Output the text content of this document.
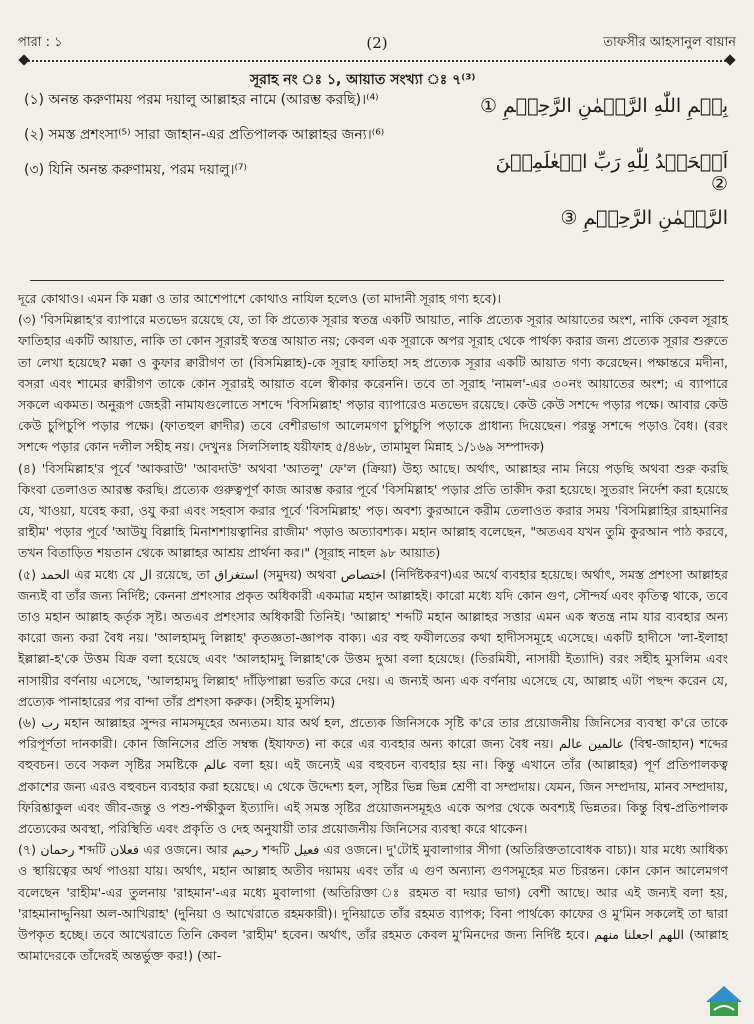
পারা : ১	(2)	তাফসীর আহসানুল বায়ান
সূরাহ নং ঃ ১, আয়াত সংখ্যা ঃ ৭⁽³⁾
(১) অনন্ত করুণাময় পরম দয়ালু আল্লাহর নামে (আরম্ভ করছি)।⁽⁴⁾
(২) সমস্ত প্রশংসা⁽⁵⁾ সারা জাহান-এর প্রতিপালক আল্লাহর জন্য।⁽⁶⁾
(৩) যিনি অনন্ত করুণাময়, পরম দয়ালু।⁽⁷⁾
بِسۡمِ اللّٰهِ الرَّحۡمٰنِ الرَّحِیۡمِ ①
اَلۡحَمۡدُ لِلّٰهِ رَبِّ الۡعٰلَمِیۡنَ ②
الرَّحۡمٰنِ الرَّحِیۡمِ ③

দূরে কোথাও। এমন কি মক্কা ও তার আশেপাশে কোথাও নাযিল হলেও (তা মাদানী সূরাহ গণ্য হবে)।

(৩) 'বিসমিল্লাহ'র ব্যাপারে মতভেদ রয়েছে যে, তা কি প্রত্যেক সূরার স্বতন্ত্র একটি আয়াত, নাকি প্রত্যেক সূরার আয়াতের অংশ, নাকি কেবল সূরাহ ফাতিহার একটি আয়াত, নাকি তা কোন সূরারই স্বতন্ত্র আয়াত নয়; কেবল এক সূরাকে অপর সূরাহ থেকে পার্থক্য করার জন্য প্রত্যেক সূরার শুরুতে তা লেখা হয়েছে? মক্কা ও কুফার ক্বারীগণ তা (বিসমিল্লাহ)-কে সূরাহ ফাতিহা সহ প্রত্যেক সূরার একটি আয়াত গণ্য করেছেন। পক্ষান্তরে মদীনা, বসরা এবং শামের ক্বারীগণ তাকে কোন সূরারই আয়াত বলে স্বীকার করেননি। তবে তা সূরাহ 'নামল'-এর ৩০নং আয়াতের অংশ; এ ব্যাপারে সকলে একমত। অনুরূপ জেহরী নামাযগুলোতে সশব্দে 'বিসমিল্লাহ' পড়ার ব্যাপারেও মতভেদ রয়েছে। কেউ কেউ সশব্দে পড়ার পক্ষে। আবার কেউ কেউ চুপিচুপি পড়ার পক্ষে। (ফাতহুল ক্বাদীর) তবে বেশীরভাগ আলেমগণ চুপিচুপি পড়াকে প্রাধান্য দিয়েছেন। পরন্তু সশব্দে পড়াও বৈধ। (বরং সশব্দে পড়ার কোন দলীল সহীহ নয়। দেখুনঃ সিলসিলাহ যয়ীফাহ ৫/৪৬৮, তামামুল মিন্নাহ ১/১৬৯ সম্পাদক)

(৪) 'বিসমিল্লাহ'র পূর্বে 'আকরাউ' 'আবদাউ' অথবা 'আতলু' ফে'ল (ক্রিয়া) উহ্য আছে। অর্থাৎ, আল্লাহর নাম নিয়ে পড়ছি অথবা শুরু করছি কিংবা তেলাওত আরম্ভ করছি। প্রত্যেক গুরুত্বপূর্ণ কাজ আরম্ভ করার পূর্বে 'বিসমিল্লাহ' পড়ার প্রতি তাকীদ করা হয়েছে। সুতরাং নির্দেশ করা হয়েছে যে, খাওয়া, যবেহ করা, ওযু করা এবং সহবাস করার পূর্বে 'বিসমিল্লাহ' পড়। অবশ্য কুরআনে করীম তেলাওত করার সময় 'বিসমিল্লাহির রাহমানির রাহীম' পড়ার পূর্বে 'আউযু বিল্লাহি মিনাশশায়ত্বানির রাজীম' পড়াও অত্যাবশ্যক। মহান আল্লাহ বলেছেন, "অতএব যখন তুমি কুরআন পাঠ করবে, তখন বিতাড়িত শয়তান থেকে আল্লাহর আশ্রয় প্রার্থনা কর।" (সূরাহ নাহল ৯৮ আয়াত)

(৫) الحمد এর মধ্যে যে ال রয়েছে, তা استغراق (সমুদয়) অথবা اختصاص (নির্দিষ্টকরণ)এর অর্থে ব্যবহার হয়েছে। অর্থাৎ, সমস্ত প্রশংসা আল্লাহর জন্যই বা তাঁর জন্য নির্দিষ্ট; কেননা প্রশংসার প্রকৃত অধিকারী একমাত্র মহান আল্লাহই। কারো মধ্যে যদি কোন গুণ, সৌন্দর্য এবং কৃতিত্ব থাকে, তবে তাও মহান আল্লাহ কর্তৃক সৃষ্ট। অতএব প্রশংসার অধিকারী তিনিই। 'আল্লাহ' শব্দটি মহান আল্লাহর সত্তার এমন এক স্বতন্ত্র নাম যার ব্যবহার অন্য কারো জন্য করা বৈধ নয়। 'আলহামদু লিল্লাহ' কৃতজ্ঞতা-জ্ঞাপক বাক্য। এর বহু ফযীলতের কথা হাদীসসমূহে এসেছে। একটি হাদীসে 'লা-ইলাহা ইল্লাল্লা-হ'কে উত্তম যিক্র বলা হয়েছে এবং 'আলহামদু লিল্লাহ'কে উত্তম দুআ বলা হয়েছে। (তিরমিযী, নাসায়ী ইত্যাদি) বরং সহীহ মুসলিম এবং নাসায়ীর বর্ণনায় এসেছে, 'আলহামদু লিল্লাহ' দাঁড়িপাল্লা ভরতি করে দেয়। এ জন্যই অন্য এক বর্ণনায় এসেছে যে, আল্লাহ এটা পছন্দ করেন যে, প্রত্যেক পানাহারের পর বান্দা তাঁর প্রশংসা করুক। (সহীহ মুসলিম)

(৬) رب মহান আল্লাহর সুন্দর নামসমূহের অন্যতম। যার অর্থ হল, প্রত্যেক জিনিসকে সৃষ্টি ক'রে তার প্রয়োজনীয় জিনিসের ব্যবস্থা ক'রে তাকে পরিপূর্ণতা দানকারী। কোন জিনিসের প্রতি সম্বন্ধ (ইযাফত) না করে এর ব্যবহার অন্য কারো জন্য বৈধ নয়। عالمین عالم (বিশ্ব-জাহান) শব্দের বহুবচন। তবে সকল সৃষ্টির সমষ্টিকে عالم বলা হয়। এই জন্যেই এর বহুবচন ব্যবহার হয় না। কিন্তু এখানে তাঁর (আল্লাহর) পূর্ণ প্রতিপালকত্ব প্রকাশের জন্য এরও বহুবচন ব্যবহার করা হয়েছে। এ থেকে উদ্দেশ্য হল, সৃষ্টির ভিন্ন ভিন্ন শ্রেণী বা সম্প্রদায়। যেমন, জিন সম্প্রদায়, মানব সম্প্রদায়, ফিরিশ্তাকুল এবং জীব-জন্তু ও পশু-পক্ষীকুল ইত্যাদি। এই সমস্ত সৃষ্টির প্রয়োজনসমূহও একে অপর থেকে অবশ্যই ভিন্নতর। কিন্তু বিশ্ব-প্রতিপালক প্রত্যেকের অবস্থা, পরিস্থিতি এবং প্রকৃতি ও দেহ অনুযায়ী তার প্রয়োজনীয় জিনিসের ব্যবস্থা করে থাকেন।

(৭) رحمان শব্দটি فعلان এর ওজনে। আর رحيم শব্দটি فعيل এর ওজনে। দু'টোই মুবালাগার সীগা (অতিরিক্ততাবোধক বাচ্য)। যার মধ্যে আধিক্য ও স্থায়িত্বের অর্থ পাওয়া যায়। অর্থাৎ, মহান আল্লাহ অতীব দয়াময় এবং তাঁর এ গুণ অন্যান্য গুণসমূহের মত চিরন্তন। কোন কোন আলেমগণ বলেছেন 'রাহীম'-এর তুলনায় 'রাহমান'-এর মধ্যে মুবালাগা (অতিরিক্তা ঃ রহমত বা দয়ার ভাগ) বেশী আছে। আর এই জন্যই বলা হয়, 'রাহমানাদ্দুনিয়া অল-আখিরাহ' (দুনিয়া ও আখেরাতে রহমকারী)। দুনিয়াতে তাঁর রহমত ব্যাপক; বিনা পার্থক্যে কাফের ও মু'মিন সকলেই তা দ্বারা উপকৃত হচ্ছে। তবে আখেরাতে তিনি কেবল 'রাহীম' হবেন। অর্থাৎ, তাঁর রহমত কেবল মু'মিনদের জন্য নির্দিষ্ট হবে। اللهم اجعلنا منهم (আল্লাহ আমাদেরকে তাঁদেরই অন্তর্ভুক্ত কর!) (আ-
